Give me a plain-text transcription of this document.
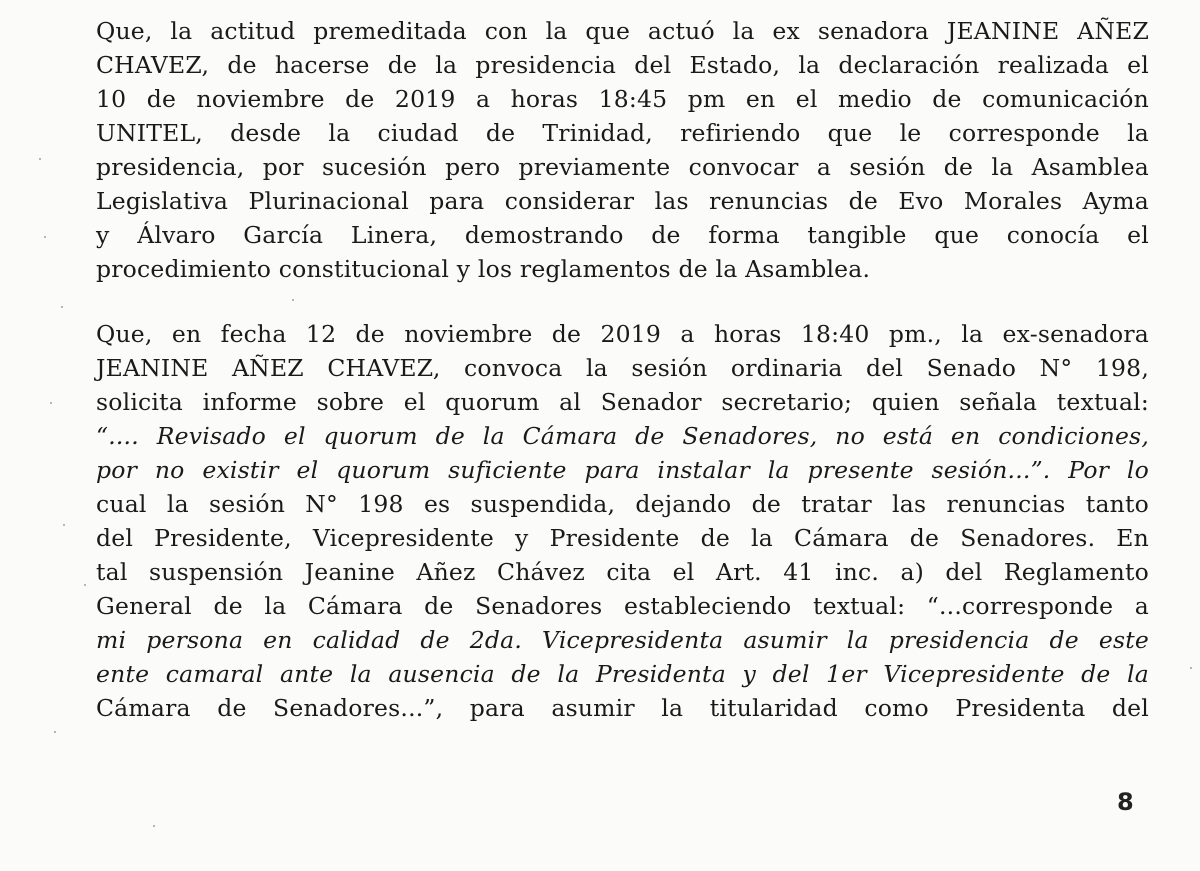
Que, la actitud premeditada con la que actuó la ex senadora JEANINE AÑEZ
CHAVEZ, de hacerse de la presidencia del Estado, la declaración realizada el
10 de noviembre de 2019 a horas 18:45 pm en el medio de comunicación
UNITEL, desde la ciudad de Trinidad, refiriendo que le corresponde la
presidencia, por sucesión pero previamente convocar a sesión de la Asamblea
Legislativa Plurinacional para considerar las renuncias de Evo Morales Ayma
y Álvaro García Linera, demostrando de forma tangible que conocía el
procedimiento constitucional y los reglamentos de la Asamblea.
Que, en fecha 12 de noviembre de 2019 a horas 18:40 pm., la ex-senadora
JEANINE AÑEZ CHAVEZ, convoca la sesión ordinaria del Senado N° 198,
solicita informe sobre el quorum al Senador secretario; quien señala textual:
“.... Revisado el quorum de la Cámara de Senadores, no está en condiciones,
por no existir el quorum suficiente para instalar la presente sesión...”. Por lo
cual la sesión N° 198 es suspendida, dejando de tratar las renuncias tanto
del Presidente, Vicepresidente y Presidente de la Cámara de Senadores. En
tal suspensión Jeanine Añez Chávez cita el Art. 41 inc. a) del Reglamento
General de la Cámara de Senadores estableciendo textual: “...corresponde a
mi persona en calidad de 2da. Vicepresidenta asumir la presidencia de este
ente camaral ante la ausencia de la Presidenta y del 1er Vicepresidente de la
Cámara de Senadores...”, para asumir la titularidad como Presidenta del
8
